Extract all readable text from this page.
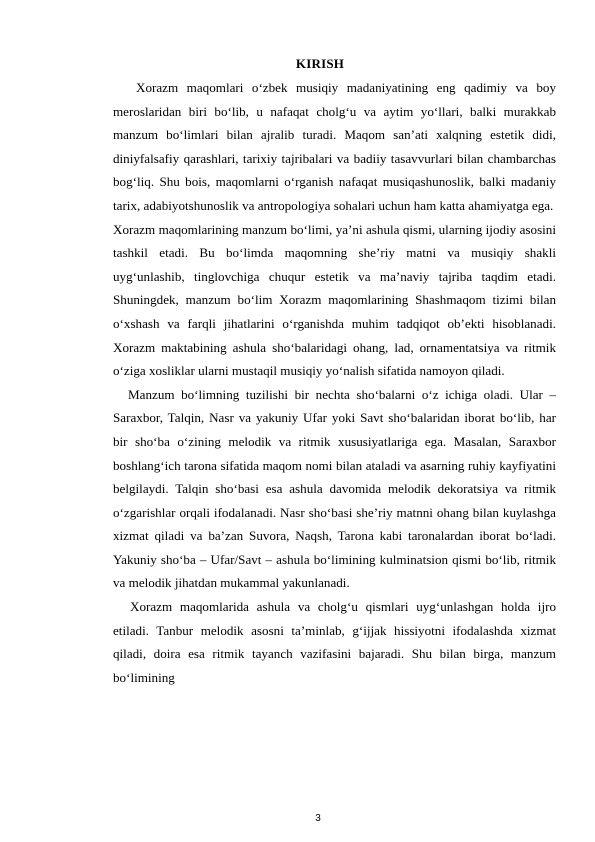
KIRISH

Xorazm maqomlari o‘zbek musiqiy madaniyatining eng qadimiy va boy meroslaridan biri bo‘lib, u nafaqat cholg‘u va aytim yo‘llari, balki murakkab manzum bo‘limlari bilan ajralib turadi. Maqom san’ati xalqning estetik didi, diniyfalsafiy qarashlari, tarixiy tajribalari va badiiy tasavvurlari bilan chambarchas bog‘liq. Shu bois, maqomlarni o‘rganish nafaqat musiqashunoslik, balki madaniy tarix, adabiyotshunoslik va antropologiya sohalari uchun ham katta ahamiyatga ega.

Xorazm maqomlarining manzum bo‘limi, ya’ni ashula qismi, ularning ijodiy asosini tashkil etadi. Bu bo‘limda maqomning she’riy matni va musiqiy shakli uyg‘unlashib, tinglovchiga chuqur estetik va ma’naviy tajriba taqdim etadi. Shuningdek, manzum bo‘lim Xorazm maqomlarining Shashmaqom tizimi bilan o‘xshash va farqli jihatlarini o‘rganishda muhim tadqiqot ob’ekti hisoblanadi. Xorazm maktabining ashula sho‘balaridagi ohang, lad, ornamentatsiya va ritmik o‘ziga xosliklar ularni mustaqil musiqiy yo‘nalish sifatida namoyon qiladi.

Manzum bo‘limning tuzilishi bir nechta sho‘balarni o‘z ichiga oladi. Ular – Saraxbor, Talqin, Nasr va yakuniy Ufar yoki Savt sho‘balaridan iborat bo‘lib, har bir sho‘ba o‘zining melodik va ritmik xususiyatlariga ega. Masalan, Saraxbor boshlang‘ich tarona sifatida maqom nomi bilan ataladi va asarning ruhiy kayfiyatini belgilaydi. Talqin sho‘basi esa ashula davomida melodik dekoratsiya va ritmik o‘zgarishlar orqali ifodalanadi. Nasr sho‘basi she’riy matnni ohang bilan kuylashga xizmat qiladi va ba’zan Suvora, Naqsh, Tarona kabi taronalardan iborat bo‘ladi. Yakuniy sho‘ba – Ufar/Savt – ashula bo‘limining kulminatsion qismi bo‘lib, ritmik va melodik jihatdan mukammal yakunlanadi.

Xorazm maqomlarida ashula va cholg‘u qismlari uyg‘unlashgan holda ijro etiladi. Tanbur melodik asosni ta’minlab, g‘ijjak hissiyotni ifodalashda xizmat qiladi, doira esa ritmik tayanch vazifasini bajaradi. Shu bilan birga, manzum bo‘limining

3
